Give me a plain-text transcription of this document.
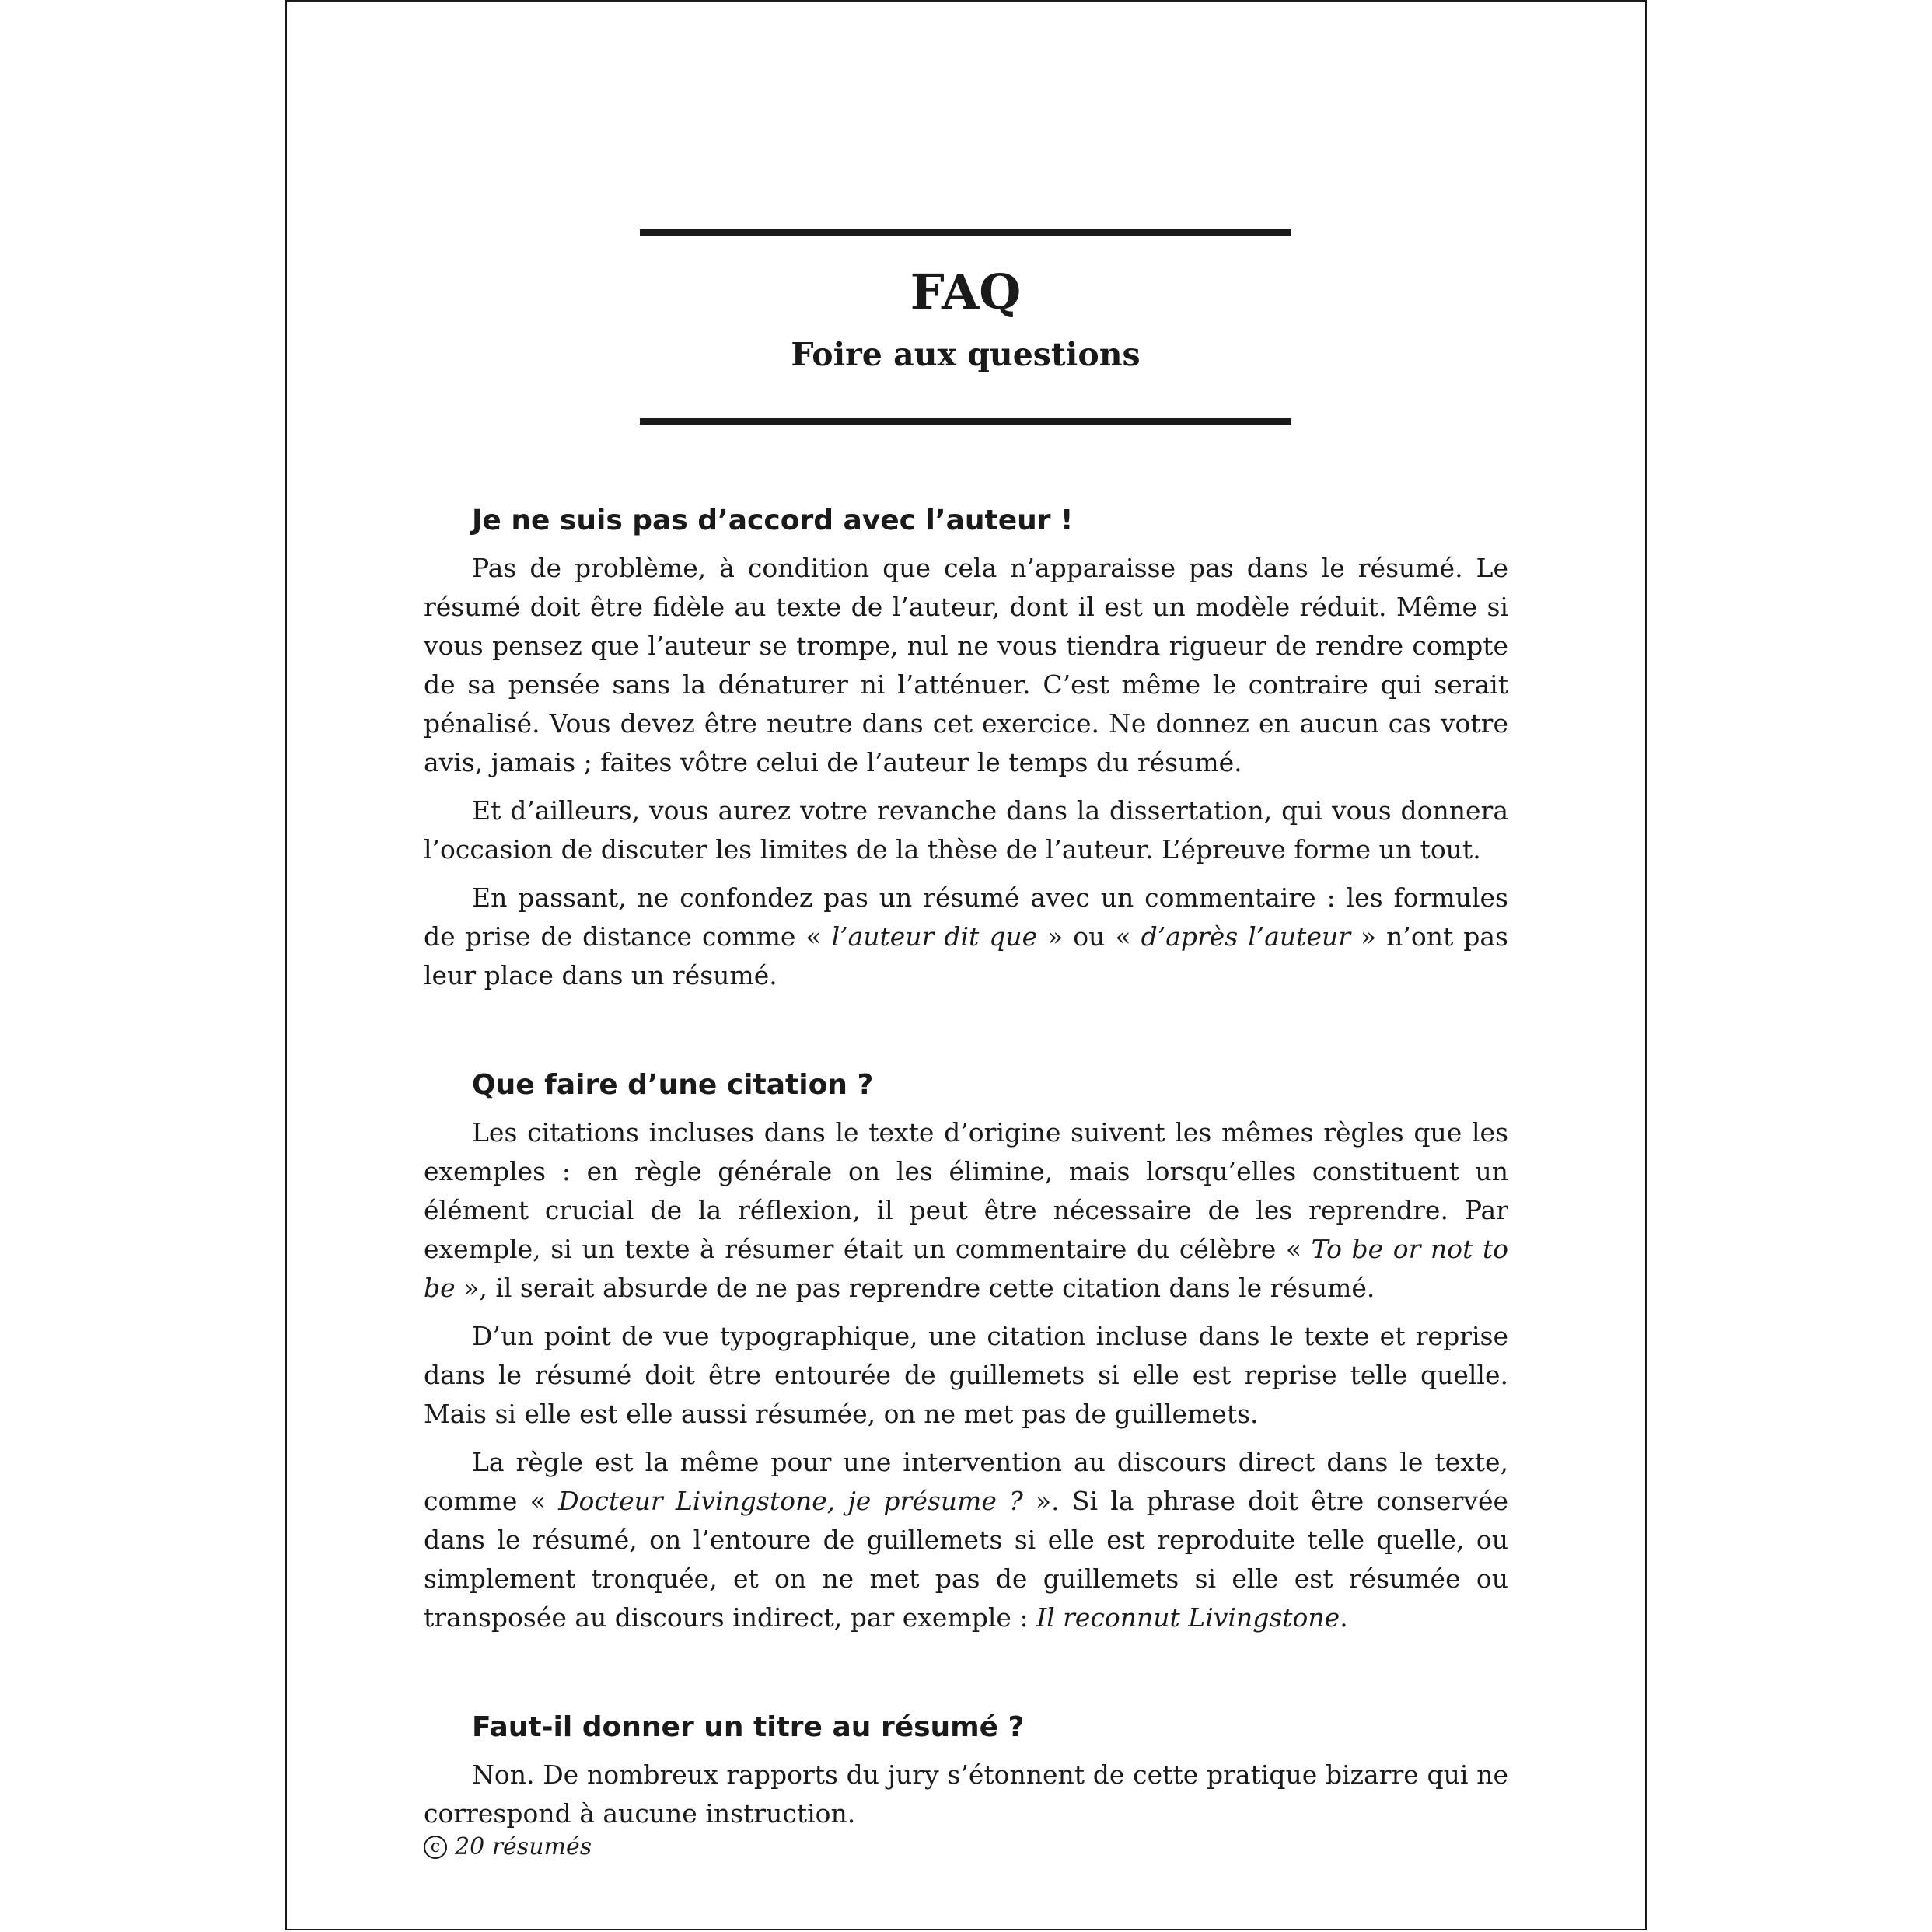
FAQ
Foire aux questions
Je ne suis pas d’accord avec l’auteur !

Pas de problème, à condition que cela n’apparaisse pas dans le résumé. Le résumé doit être fidèle au texte de l’auteur, dont il est un modèle réduit. Même si vous pensez que l’auteur se trompe, nul ne vous tiendra rigueur de rendre compte de sa pensée sans la dénaturer ni l’atténuer. C’est même le contraire qui serait pénalisé. Vous devez être neutre dans cet exercice. Ne donnez en aucun cas votre avis, jamais ; faites vôtre celui de l’auteur le temps du résumé.

Et d’ailleurs, vous aurez votre revanche dans la dissertation, qui vous donnera l’occasion de discuter les limites de la thèse de l’auteur. L’épreuve forme un tout.

En passant, ne confondez pas un résumé avec un commentaire : les formules de prise de distance comme « l’auteur dit que » ou « d’après l’auteur » n’ont pas leur place dans un résumé.

Que faire d’une citation ?

Les citations incluses dans le texte d’origine suivent les mêmes règles que les exemples : en règle générale on les élimine, mais lorsqu’elles constituent un élément crucial de la réflexion, il peut être nécessaire de les reprendre. Par exemple, si un texte à résumer était un commentaire du célèbre « To be or not to be », il serait absurde de ne pas reprendre cette citation dans le résumé.

D’un point de vue typographique, une citation incluse dans le texte et reprise dans le résumé doit être entourée de guillemets si elle est reprise telle quelle. Mais si elle est elle aussi résumée, on ne met pas de guillemets.

La règle est la même pour une intervention au discours direct dans le texte, comme « Docteur Livingstone, je présume ? ». Si la phrase doit être conservée dans le résumé, on l’entoure de guillemets si elle est reproduite telle quelle, ou simplement tronquée, et on ne met pas de guillemets si elle est résumée ou transposée au discours indirect, par exemple : Il reconnut Livingstone.

Faut-il donner un titre au résumé ?

Non. De nombreux rapports du jury s’étonnent de cette pratique bizarre qui ne correspond à aucune instruction.

c 20 résumés
